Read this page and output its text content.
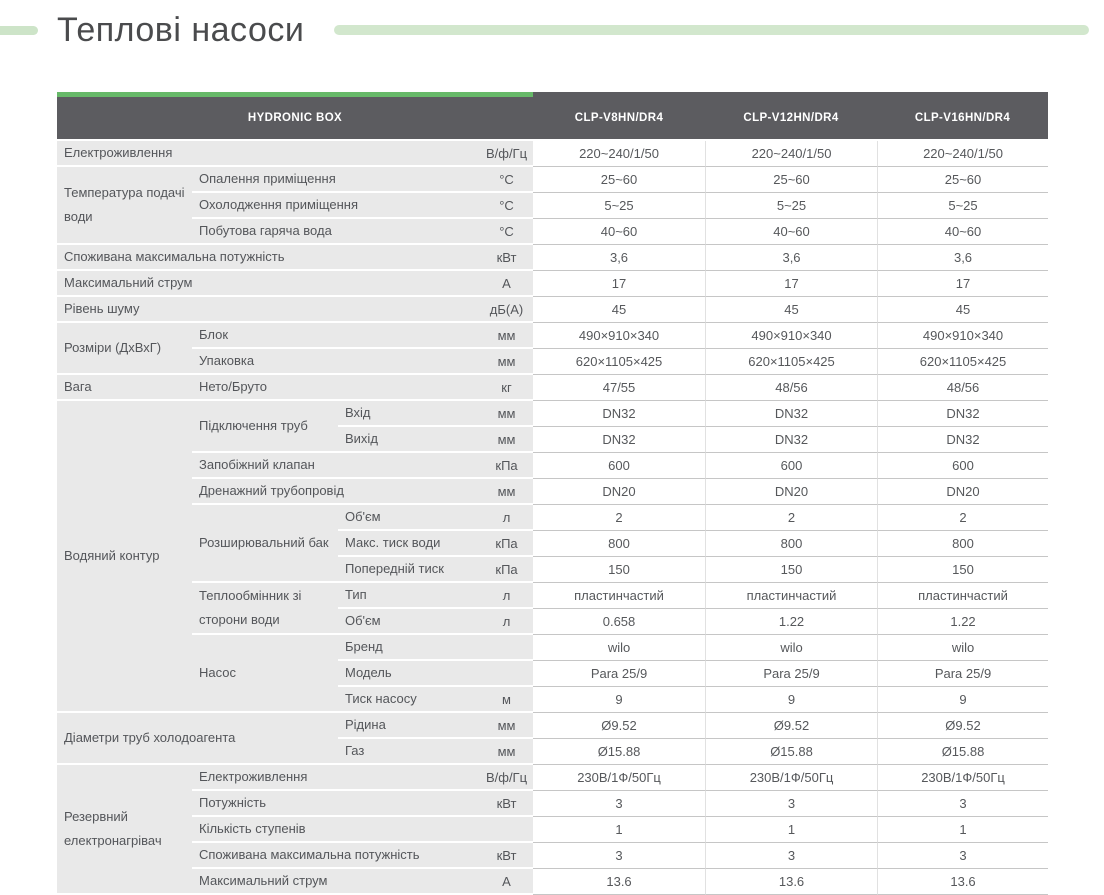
Теплові насоси
HYDRONIC BOX				CLP-V8HN/DR4	CLP-V12HN/DR4	CLP-V16HN/DR4
Електроживлення			В/ф/Гц	220~240/1/50	220~240/1/50	220~240/1/50
Температура подачі води	Опалення приміщення		°C	25~60	25~60	25~60
	Охолодження приміщення		°C	5~25	5~25	5~25
	Побутова гаряча вода		°C	40~60	40~60	40~60
Споживана максимальна потужність			кВт	3,6	3,6	3,6
Максимальний струм			А	17	17	17
Рівень шуму			дБ(А)	45	45	45
Розміри (ДхВхГ)	Блок		мм	490×910×340	490×910×340	490×910×340
	Упаковка		мм	620×1105×425	620×1105×425	620×1105×425
Вага	Нето/Бруто		кг	47/55	48/56	48/56
Водяний контур	Підключення труб	Вхід	мм	DN32	DN32	DN32
		Вихід	мм	DN32	DN32	DN32
	Запобіжний клапан		кПа	600	600	600
	Дренажний трубопровід		мм	DN20	DN20	DN20
	Розширювальний бак	Об'єм	л	2	2	2
		Макс. тиск води	кПа	800	800	800
		Попередній тиск	кПа	150	150	150
	Теплообмінник зі сторони води	Тип	л	пластинчастий	пластинчастий	пластинчастий
		Об'єм	л	0.658	1.22	1.22
	Насос	Бренд		wilo	wilo	wilo
		Модель		Para 25/9	Para 25/9	Para 25/9
		Тиск насосу	м	9	9	9
Діаметри труб холодоагента		Рідина	мм	Ø9.52	Ø9.52	Ø9.52
		Газ	мм	Ø15.88	Ø15.88	Ø15.88
Резервний електронагрівач	Електроживлення		В/ф/Гц	230В/1Ф/50Гц	230В/1Ф/50Гц	230В/1Ф/50Гц
	Потужність		кВт	3	3	3
	Кількість ступенів			1	1	1
	Споживана максимальна потужність		кВт	3	3	3
	Максимальний струм		А	13.6	13.6	13.6
